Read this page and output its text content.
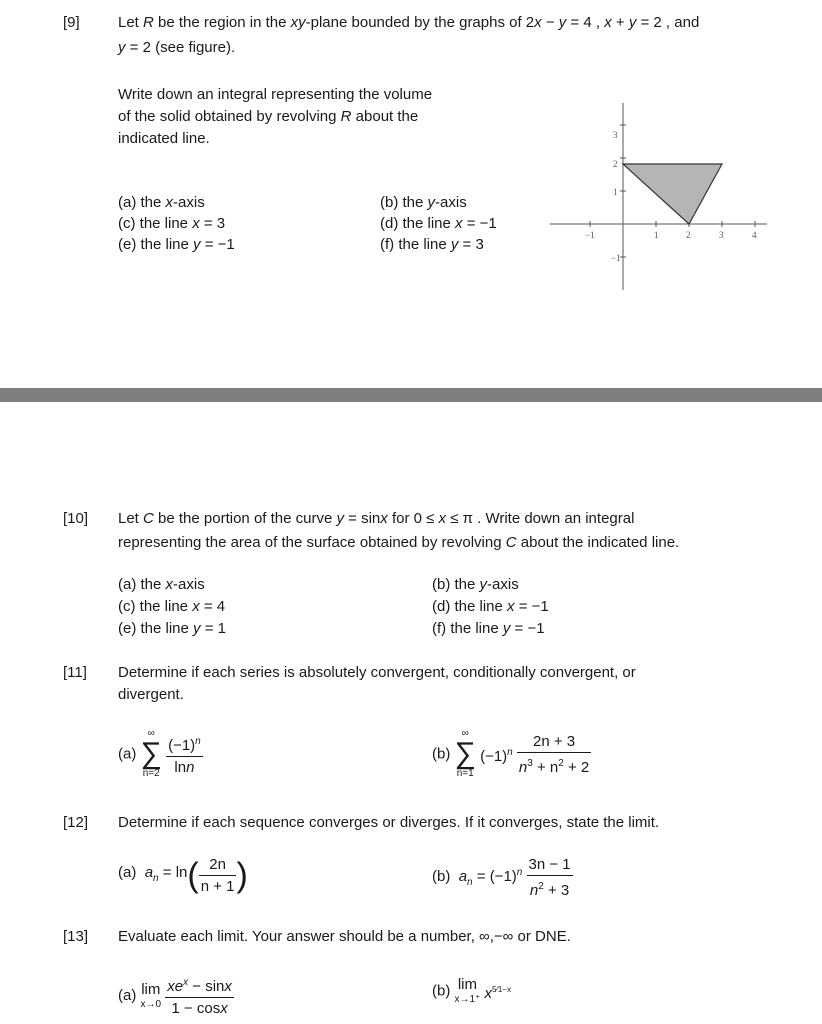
[9]	Let R be the region in the xy-plane bounded by the graphs of 2x − y = 4 , x + y = 2 , and
y = 2 (see figure).
Write down an integral representing the volume
of the solid obtained by revolving R about the
indicated line.
(a) the x-axis	(b) the y-axis
(c) the line x = 3	(d) the line x = −1
(e) the line y = −1	(f) the line y = 3
−1	1	2	3	4
3
2
1
−1
[10] Let C be the portion of the curve y = sinx for 0 ≤ x ≤ π . Write down an integral
representing the area of the surface obtained by revolving C about the indicated line.
(a) the x-axis	(b) the y-axis
(c) the line x = 4	(d) the line x = −1
(e) the line y = 1	(f) the line y = −1
[11] Determine if each series is absolutely convergent, conditionally convergent, or
divergent.
(a)
∞
∑
n=2
$\frac{(-1)^n}{\ln n}$	(b)
∞
∑
n=1
$(-1)^n \frac{2n + 3}{n^3 + n^2 + 2}$
[12] Determine if each sequence converges or diverges. If it converges, state the limit.
(a) $a_n = \ln( \frac{2n}{n + 1}$ )	(b) $a_n = (-1)^n \frac{3n - 1}{n^2 + 3}$
[13] Evaluate each limit. Your answer should be a number, ∞,−∞ or DNE.
(a) lim
x→0
$\frac{xe^x - \sin x}{1 - \cos x}$	(b) lim
x→1⁺ $x^{5⁄1-x}$
